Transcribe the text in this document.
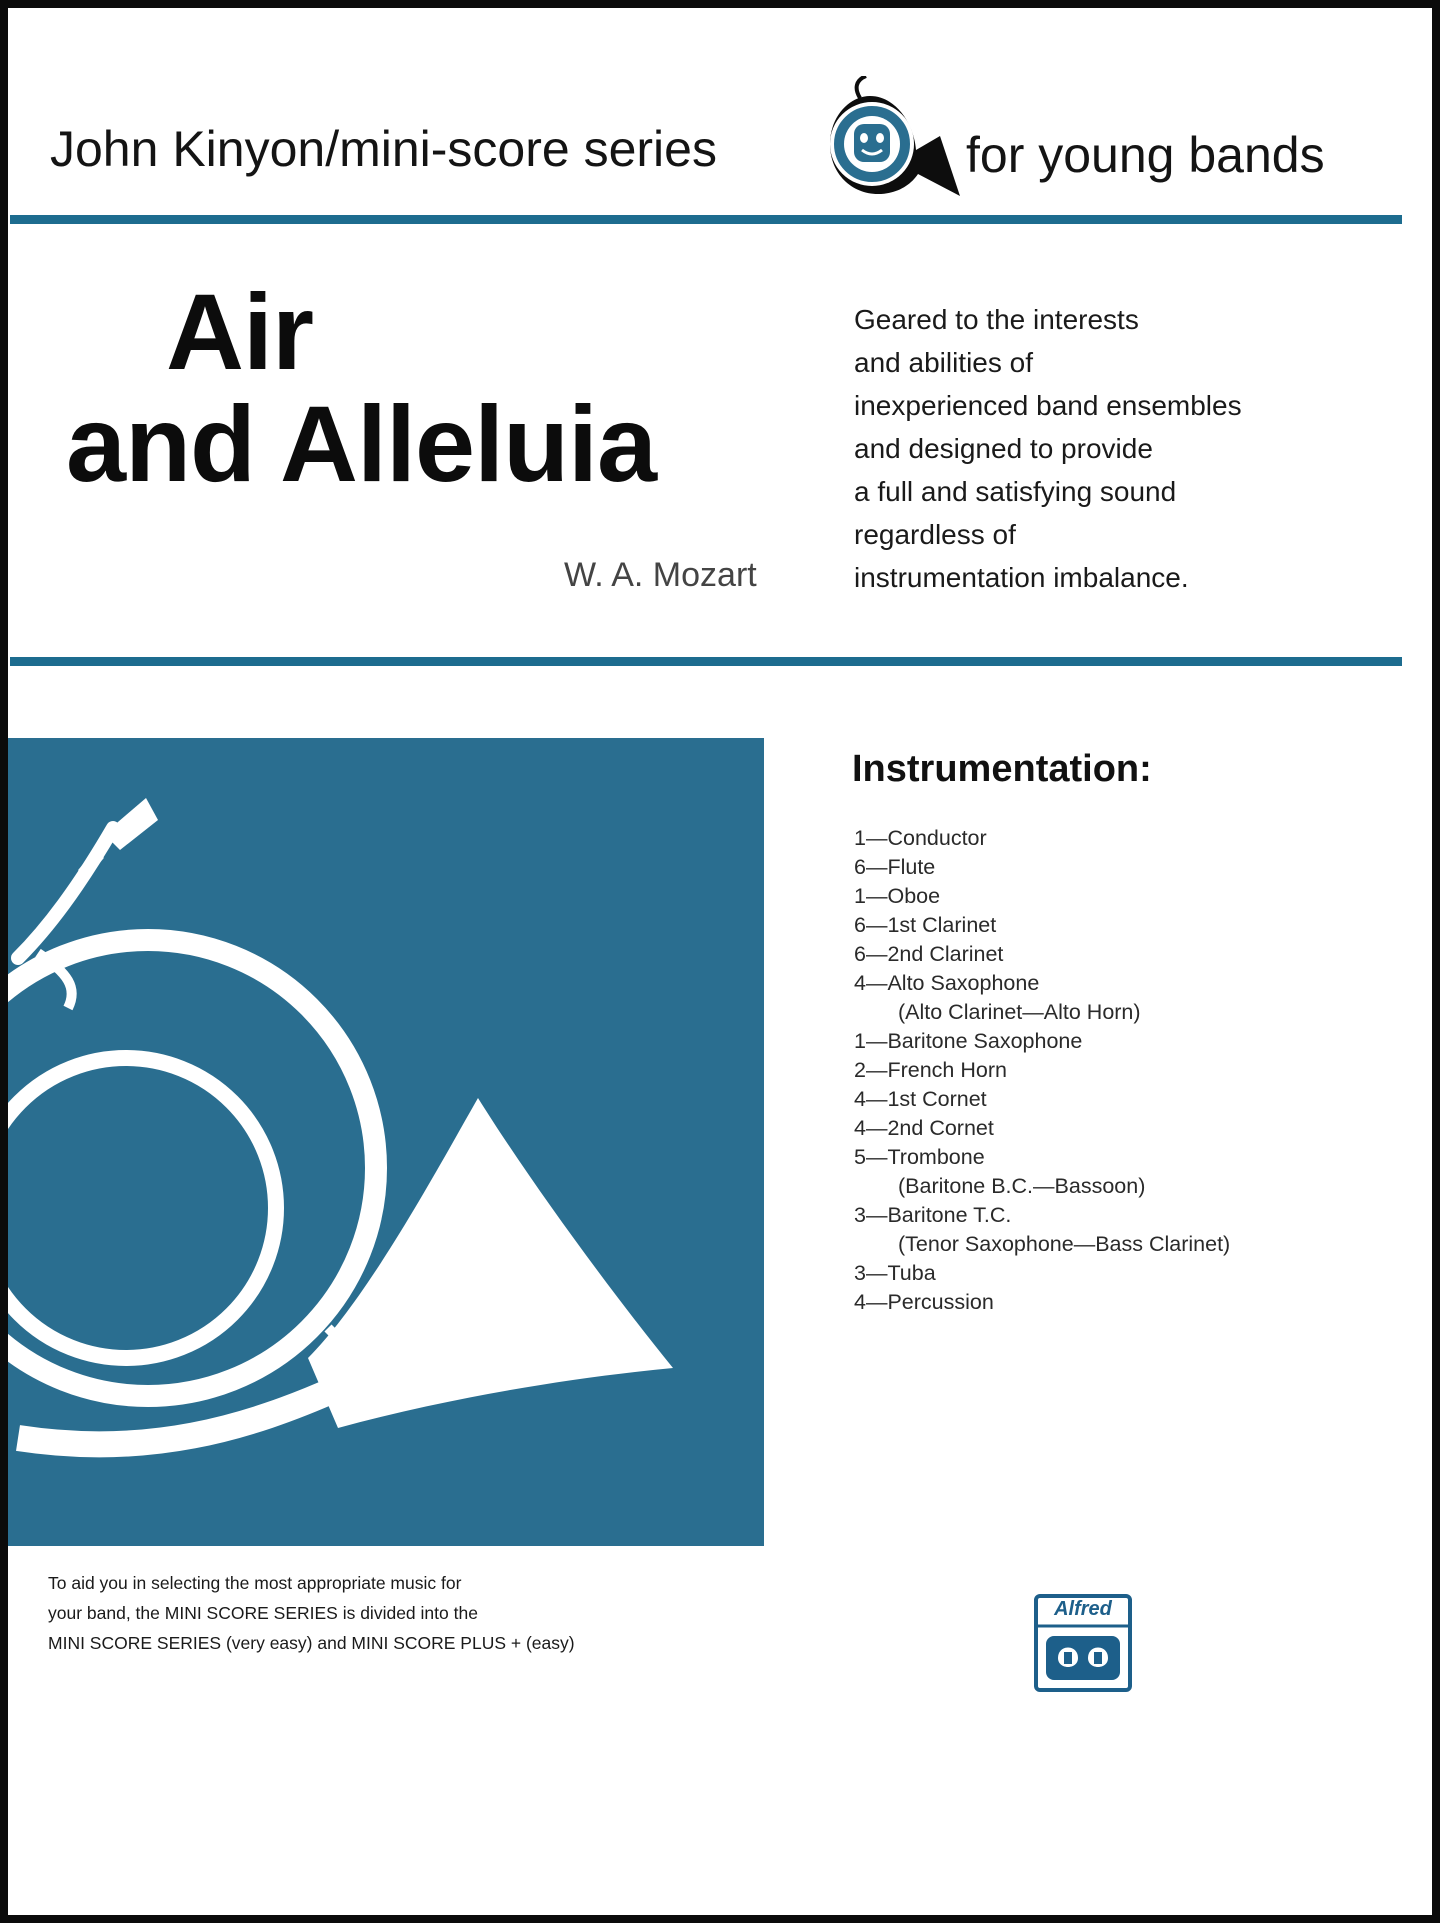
John Kinyon/mini-score series	for young bands
Air
and Alleluia
W. A. Mozart
Geared to the interests
and abilities of
inexperienced band ensembles
and designed to provide
a full and satisfying sound
regardless of
instrumentation imbalance.
Instrumentation:
1—Conductor
6—Flute
1—Oboe
6—1st Clarinet
6—2nd Clarinet
4—Alto Saxophone
(Alto Clarinet—Alto Horn)
1—Baritone Saxophone
2—French Horn
4—1st Cornet
4—2nd Cornet
5—Trombone
(Baritone B.C.—Bassoon)
3—Baritone T.C.
(Tenor Saxophone—Bass Clarinet)
3—Tuba
4—Percussion
To aid you in selecting the most appropriate music for
your band, the MINI SCORE SERIES is divided into the
MINI SCORE SERIES (very easy) and MINI SCORE PLUS + (easy)
Alfred
